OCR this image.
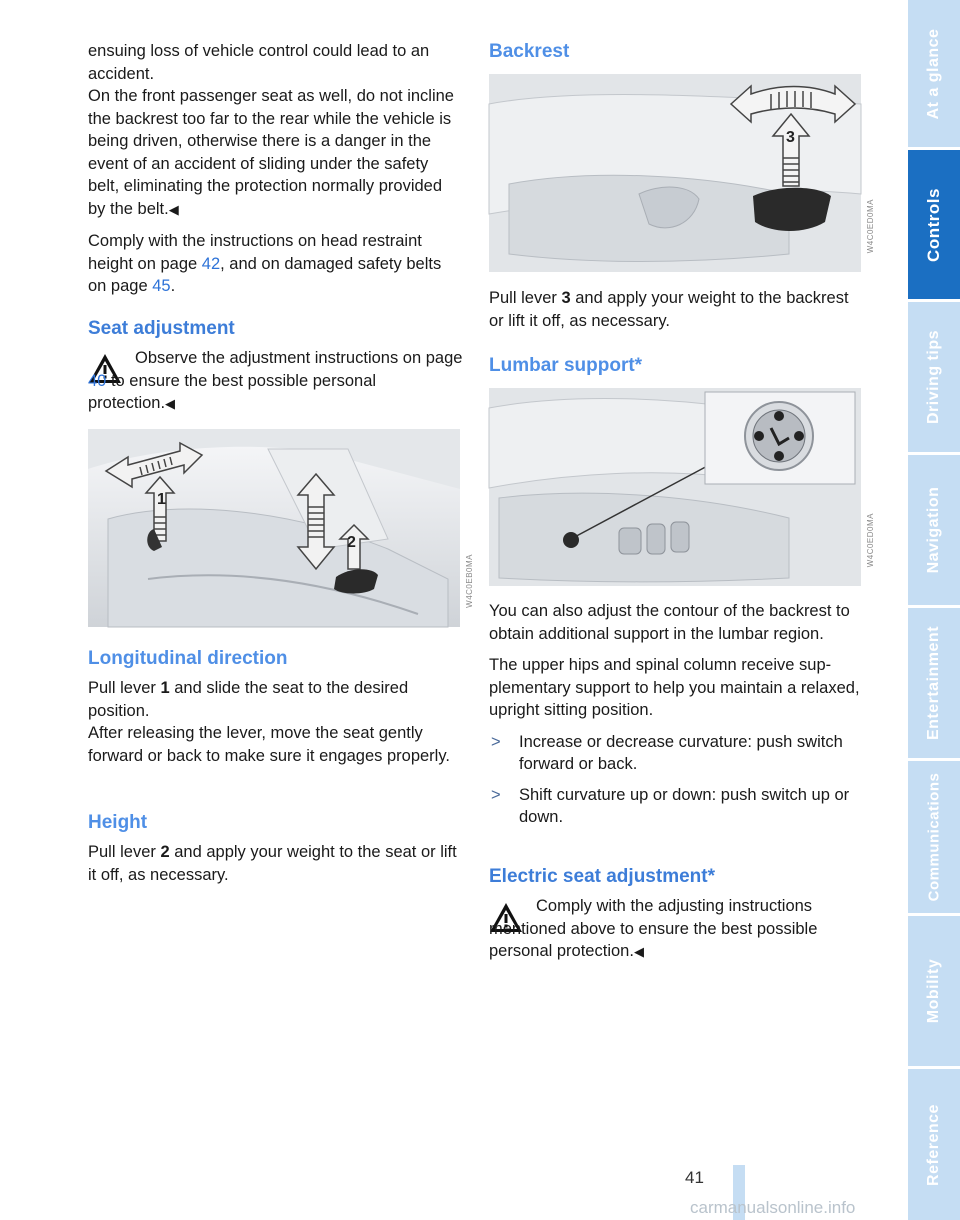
ensuing loss of vehicle control could lead to an accident.

On the front passenger seat as well, do not incline the backrest too far to the rear while the vehicle is being driven, otherwise there is a danger in the event of an accident of sliding under the safety belt, eliminating the protection normally provided by the belt.◀

Comply with the instructions on head restraint height on page 42, and on damaged safety belts on page 45.

Seat adjustment

Observe the adjustment instructions on page 40 to ensure the best possible personal protection.◀

1
2
W4C0EB0MA
Longitudinal direction

Pull lever 1 and slide the seat to the desired position.

After releasing the lever, move the seat gently forward or back to make sure it engages properly.

Height

Pull lever 2 and apply your weight to the seat or lift it off, as necessary.

Backrest
3
W4C0ED0MA

Pull lever 3 and apply your weight to the backrest or lift it off, as necessary.

Lumbar support*
W4C0ED0MA

You can also adjust the contour of the backrest to obtain additional support in the lumbar region.

The upper hips and spinal column receive supplementary support to help you maintain a relaxed, upright sitting position.

> Increase or decrease curvature: push switch forward or back.
> Shift curvature up or down: push switch up or down.
Electric seat adjustment*

Comply with the adjusting instructions mentioned above to ensure the best possible personal protection.◀

At a glance
Controls
Driving tips
Navigation
Entertainment
Communications
Mobility
Reference
41
carmanualsonline.info
